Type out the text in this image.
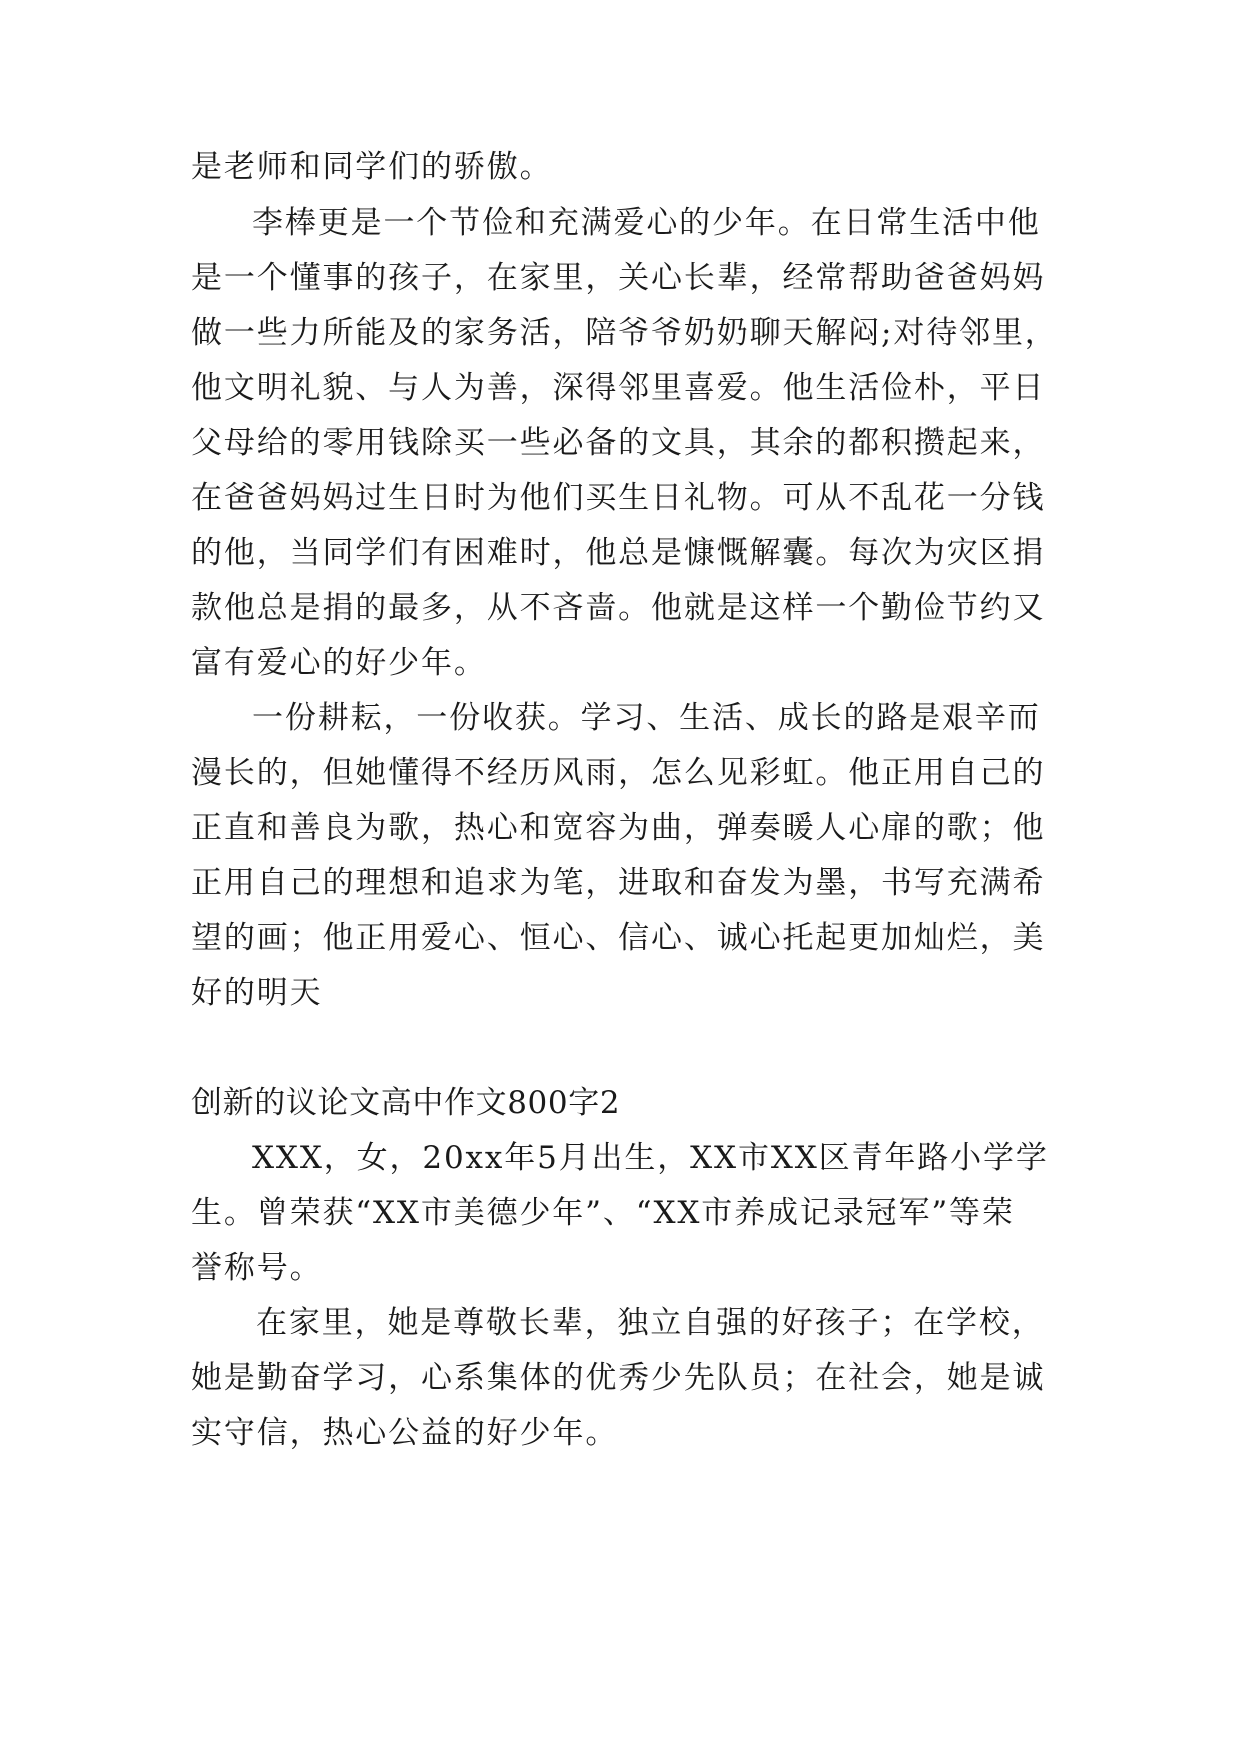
是老师和同学们的骄傲。
李棒更是一个节俭和充满爱心的少年。在日常生活中他
是一个懂事的孩子，在家里，关心长辈，经常帮助爸爸妈妈
做一些力所能及的家务活，陪爷爷奶奶聊天解闷;对待邻里，
他文明礼貌、与人为善，深得邻里喜爱。他生活俭朴，平日
父母给的零用钱除买一些必备的文具，其余的都积攒起来，
在爸爸妈妈过生日时为他们买生日礼物。可从不乱花一分钱
的他，当同学们有困难时，他总是慷慨解囊。每次为灾区捐
款他总是捐的最多，从不吝啬。他就是这样一个勤俭节约又
富有爱心的好少年。
一份耕耘，一份收获。学习、生活、成长的路是艰辛而
漫长的，但她懂得不经历风雨，怎么见彩虹。他正用自己的
正直和善良为歌，热心和宽容为曲，弹奏暖人心扉的歌；他
正用自己的理想和追求为笔，进取和奋发为墨，书写充满希
望的画；他正用爱心、恒心、信心、诚心托起更加灿烂，美
好的明天
创新的议论文高中作文800字2
XXX，女，20xx年5月出生，XX市XX区青年路小学学
生。曾荣获“XX市美德少年”、“XX市养成记录冠军”等荣
誉称号。
在家里，她是尊敬长辈，独立自强的好孩子；在学校，
她是勤奋学习，心系集体的优秀少先队员；在社会，她是诚
实守信，热心公益的好少年。
